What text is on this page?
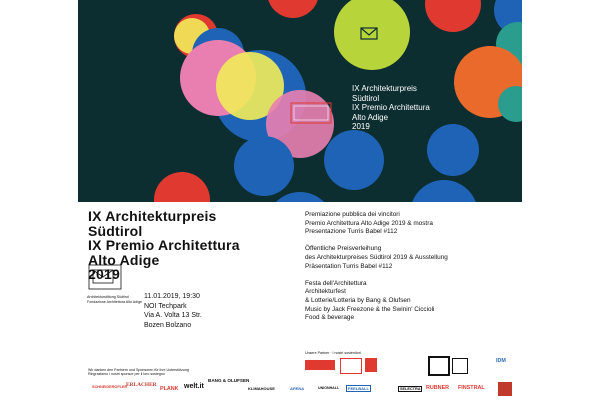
IX Architekturpreis
Südtirol
IX Premio Architettura
Alto Adige
2019
IX Architekturpreis
Südtirol
IX Premio Architettura
Alto Adige
2019
Architekturstiftung Südtirol
Fondazione Architettura Alto Adige
11.01.2019, 19:30
NOI Techpark
Via A. Volta 13 Str.
Bozen Bolzano
Premiazione pubblica dei vincitori
Premio Architettura Alto Adige 2019 & mostra
Presentazione Turris Babel #112
Öffentliche Preisverleihung
des Architekturpreises Südtirol 2019 & Ausstellung
Präsentation Turris Babel #112
Festa dell'Architettura
Architekturfest
& Lotterie/Lotteria by Bang & Olufsen
Music by Jack Freezone & the Swinin' Ciccioli
Food & beverage
Unsere Partner · I nostri sostenitori
IDM
Wir danken den Partnern und Sponsoren für ihre Unterstützung
Ringraziamo i nostri sponsor per il loro sostegno
SCHNEIDEROFLER
ERLACHER
PLANK welt.it
BANG & OLUFSEN
KLIMAHOUSE	APENA	UNIONHALL	FEELBALL	SELECTRA	RUBNER FINSTRAL
